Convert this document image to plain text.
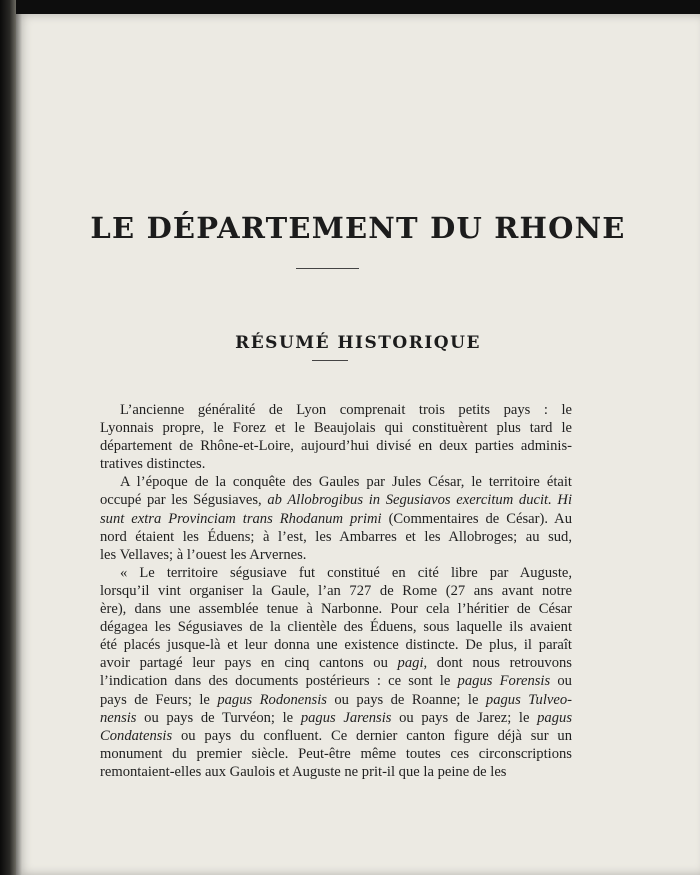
LE DÉPARTEMENT DU RHONE
RÉSUMÉ HISTORIQUE
L’ancienne généralité de Lyon comprenait trois petits pays : le
Lyonnais propre, le Forez et le Beaujolais qui constituèrent plus tard le
département de Rhône-et-Loire, aujourd’hui divisé en deux parties adminis-
tratives distinctes.
A l’époque de la conquête des Gaules par Jules César, le territoire était
occupé par les Ségusiaves, ab Allobrogibus in Segusiavos exercitum ducit. Hi
sunt extra Provinciam trans Rhodanum primi (Commentaires de César). Au
nord étaient les Éduens; à l’est, les Ambarres et les Allobroges; au sud,
les Vellaves; à l’ouest les Arvernes.
« Le territoire ségusiave fut constitué en cité libre par Auguste,
lorsqu’il vint organiser la Gaule, l’an 727 de Rome (27 ans avant notre
ère), dans une assemblée tenue à Narbonne. Pour cela l’héritier de César
dégagea les Ségusiaves de la clientèle des Éduens, sous laquelle ils avaient
été placés jusque-là et leur donna une existence distincte. De plus, il paraît
avoir partagé leur pays en cinq cantons ou pagi, dont nous retrouvons
l’indication dans des documents postérieurs : ce sont le pagus Forensis ou
pays de Feurs; le pagus Rodonensis ou pays de Roanne; le pagus Tulveo-
nensis ou pays de Turvéon; le pagus Jarensis ou pays de Jarez; le pagus
Condatensis ou pays du confluent. Ce dernier canton figure déjà sur un
monument du premier siècle. Peut-être même toutes ces circonscriptions
remontaient-elles aux Gaulois et Auguste ne prit-il que la peine de les
